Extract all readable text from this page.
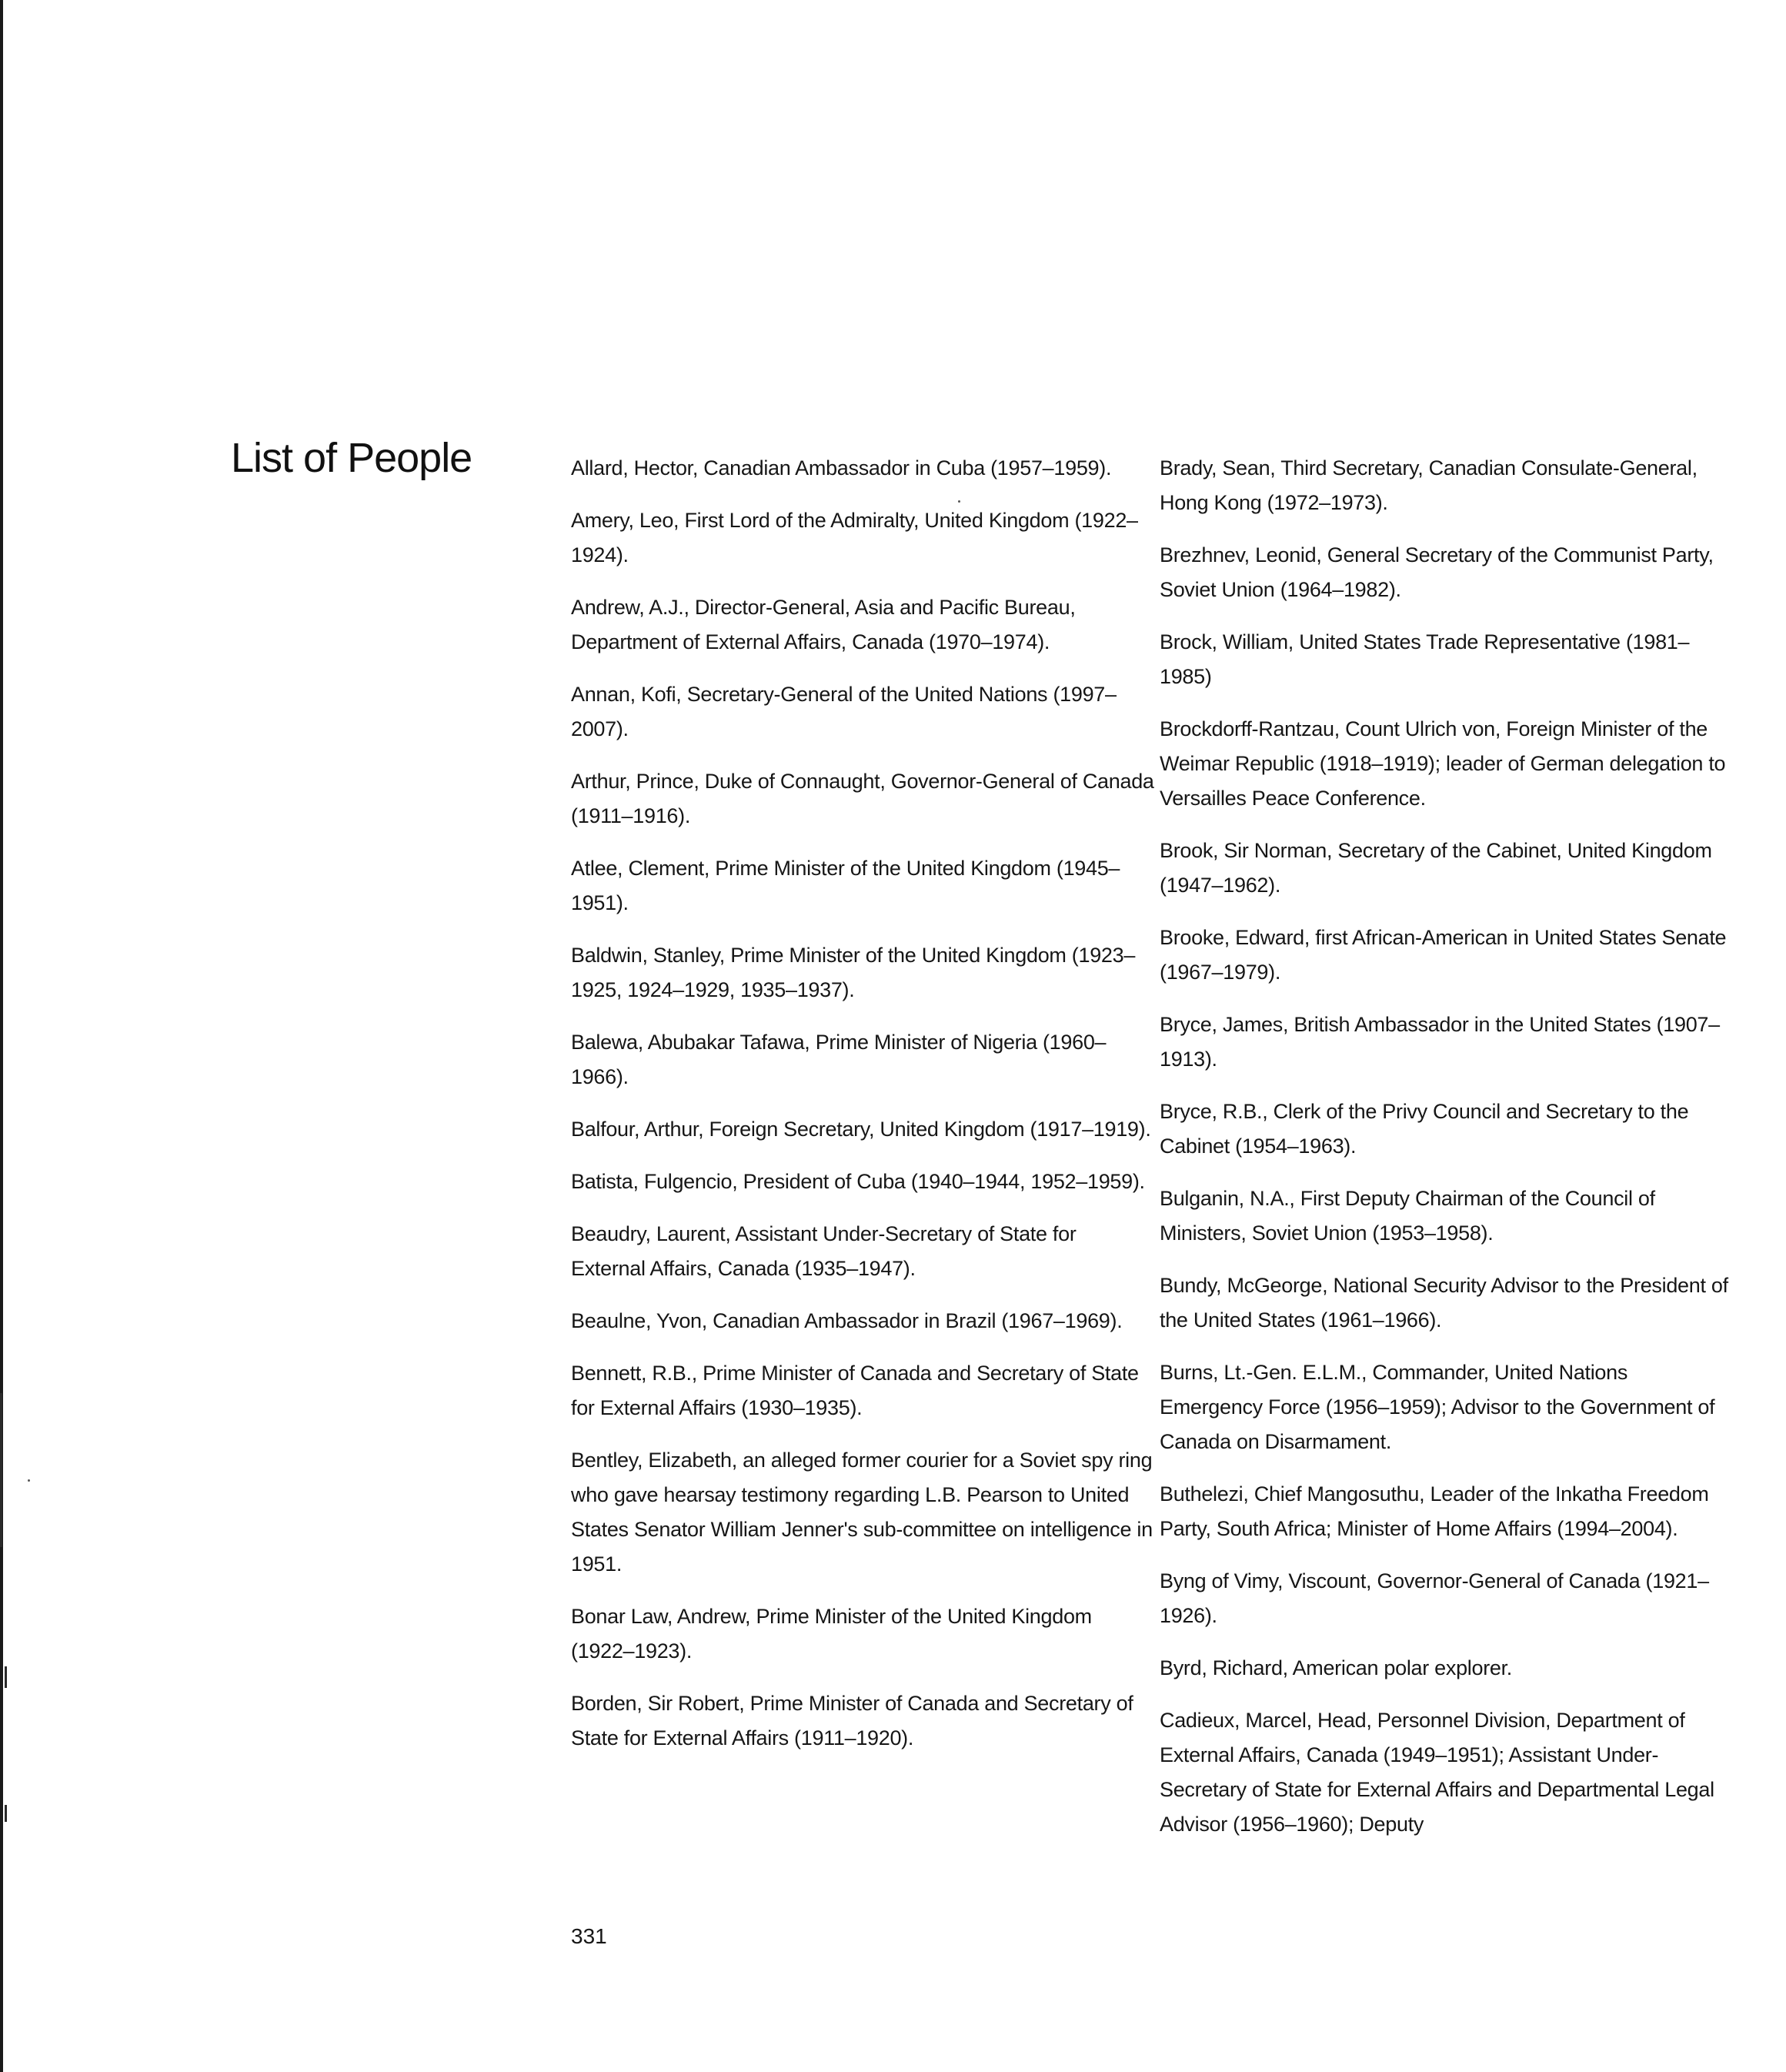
List of People	Allard, Hector, Canadian Ambassador in Cuba (1957–1959).

Amery, Leo, First Lord of the Admiralty, United Kingdom (1922–1924).

Andrew, A.J., Director-General, Asia and Pacific Bureau, Department of External Affairs, Canada (1970–1974).

Annan, Kofi, Secretary-General of the United Nations (1997– 2007).

Arthur, Prince, Duke of Connaught, Governor-General of Canada (1911–1916).

Atlee, Clement, Prime Minister of the United Kingdom (1945–1951).

Baldwin, Stanley, Prime Minister of the United Kingdom (1923–1925, 1924–1929, 1935–1937).

Balewa, Abubakar Tafawa, Prime Minister of Nigeria (1960–1966).

Balfour, Arthur, Foreign Secretary, United Kingdom (1917–1919).

Batista, Fulgencio, President of Cuba (1940–1944, 1952–1959).

Beaudry, Laurent, Assistant Under-Secretary of State for External Affairs, Canada (1935–1947).

Beaulne, Yvon, Canadian Ambassador in Brazil (1967–1969).

Bennett, R.B., Prime Minister of Canada and Secretary of State for External Affairs (1930–1935).

Bentley, Elizabeth, an alleged former courier for a Soviet spy ring who gave hearsay testimony regarding L.B. Pearson to United States Senator William Jenner's sub-committee on intelligence in 1951.

Bonar Law, Andrew, Prime Minister of the United Kingdom (1922–1923).

Borden, Sir Robert, Prime Minister of Canada and Secretary of State for External Affairs (1911–1920).

Brady, Sean, Third Secretary, Canadian Consulate-General, Hong Kong (1972–1973).

Brezhnev, Leonid, General Secretary of the Communist Party, Soviet Union (1964–1982).

Brock, William, United States Trade Representative (1981–1985)

Brockdorff-Rantzau, Count Ulrich von, Foreign Minister of the Weimar Republic (1918–1919); leader of German delegation to Versailles Peace Conference.

Brook, Sir Norman, Secretary of the Cabinet, United Kingdom (1947–1962).

Brooke, Edward, first African-American in United States Senate (1967–1979).

Bryce, James, British Ambassador in the United States (1907–1913).

Bryce, R.B., Clerk of the Privy Council and Secretary to the Cabinet (1954–1963).

Bulganin, N.A., First Deputy Chairman of the Council of Ministers, Soviet Union (1953–1958).

Bundy, McGeorge, National Security Advisor to the President of the United States (1961–1966).

Burns, Lt.-Gen. E.L.M., Commander, United Nations Emergency Force (1956–1959); Advisor to the Government of Canada on Disarmament.

Buthelezi, Chief Mangosuthu, Leader of the Inkatha Freedom Party, South Africa; Minister of Home Affairs (1994–2004).

Byng of Vimy, Viscount, Governor-General of Canada (1921–1926).

Byrd, Richard, American polar explorer.

Cadieux, Marcel, Head, Personnel Division, Department of External Affairs, Canada (1949–1951); Assistant Under-Secretary of State for External Affairs and Departmental Legal Advisor (1956–1960); Deputy

331
